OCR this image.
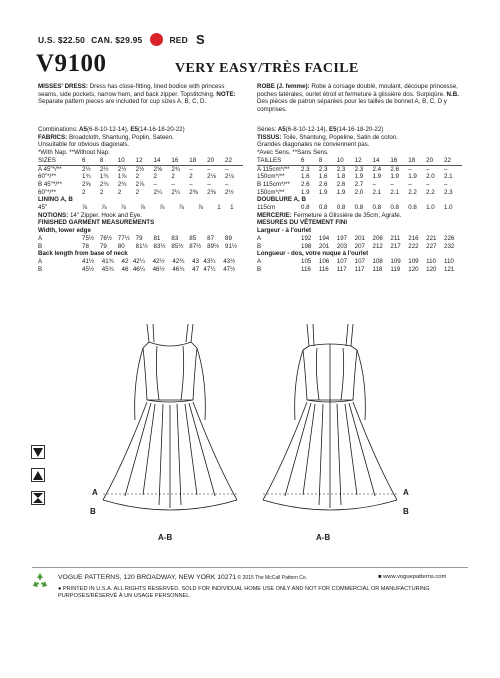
U.S. $22.50 CAN. $29.95	RED S
V9100	VERY EASY/TRÈS FACILE

MISSES' DRESS: Dress has close-fitting, lined bodice with princess seams, side pockets, narrow hem, and back zipper. Topstitching. NOTE: Separate pattern pieces are included for cup sizes A, B, C, D.

Combinations: A5(6-8-10-12-14), E5(14-16-18-20-22)

FABRICS: Broadcloth, Shantung, Poplin, Sateen.

Unsuitable for obvious diagonals.

*With Nap. **Without Nap.

SIZES	6	8	10	12	14	16	18	20	22
A 45"*/**	2½	2½	2½	2½	2⅝	2¾	–	–	–
60"*/**	1¾	1¾	1⅞	2	2	2	2	2⅛	2⅛
B 45"*/**	2⅝	2¾	2¾	2⅞	–	–	–	–	–
60"*/**	2	2	2	2	2¼	2¼	2⅜	2⅜	2½

LINING A, B

45"	⅞	⅞	⅞	⅞	⅞	⅞	⅞	1	1

NOTIONS: 14" Zipper, Hook and Eye.

FINISHED GARMENT MEASUREMENTS

Width, lower edge

A	75½	76½	77½	79	81	83	85	87	89
B	78	79	80	81½	83½	85½	87½	89½	91½

Back length from base of neck

A	41½	41¾	42	42¼	42½	42¾	43	43¼	43½
B	45½	45¾	46	46¼	46½	46¾	47	47¼	47½

ROBE (J. femme): Robe à corsage doublé, moulant, découpe princesse, poches latérales, ourlet étroit et fermeture à glissière dos. Surpiqûre. N.B. Des pièces de patron séparées pour les tailles de bonnet A, B, C, D y comprises.

Séries: A5(6-8-10-12-14), E5(14-16-18-20-22)

TISSUS: Toile, Shantung, Popeline, Satin de coton.

Grandes diagonales ne conviennent pas.

*Avec Sens. **Sans Sens.

TAILLES	6	8	10	12	14	16	18	20	22
A 115cm*/**	2.3	2.3	2.3	2.3	2.4	2.6	–	–	–
150cm*/**	1.6	1.6	1.8	1.9	1.9	1.9	1.9	2.0	2.1
B 115cm*/**	2.6	2.6	2.6	2.7	–	–	–	–	–
150cm*/**	1.9	1.9	1.9	2.0	2.1	2.1	2.2	2.2	2.3

DOUBLURE A, B

115cm	0.8	0.8	0.8	0.8	0.8	0.8	0.8	1.0	1.0

MERCERIE: Fermeture à Glissière de 35cm, Agrafe.

MESURES DU VÊTEMENT FINI

Largeur - à l'ourlet

A	192	194	197	201	206	211	216	221	226
B	198	201	203	207	212	217	222	227	232

Longueur - dos, votre nuque à l'ourlet

A	105	106	107	107	108	109	109	110	110
B	116	116	117	117	118	119	120	120	121
A
B
A-B
A
B
A-B
VOGUE PATTERNS, 120 BROADWAY, NEW YORK 10271 © 2015 The McCall Pattern Co.	■ www.voguepatterns.com
● PRINTED IN U.S.A. ALL RIGHTS RESERVED. SOLD FOR INDIVIDUAL HOME USE ONLY AND NOT FOR COMMERCIAL OR MANUFACTURING PURPOSES/RÉSERVÉ À UN USAGE PERSONNEL.
